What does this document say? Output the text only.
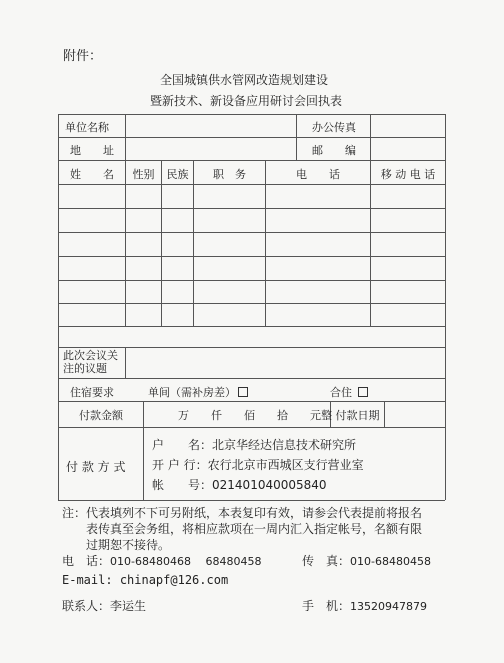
附件：
全国城镇供水管网改造规划建设
暨新技术、新设备应用研讨会回执表
单位名称	办公传真
地　　址	邮　　编
姓　　名	性别	民族	职　务	电　　话	移 动 电 话
此次会议关注的议题
住宿要求	单间（需补房差）	合住
付款金额	万　　仟　　佰　　拾　　元整 付款日期
付 款 方 式
户　　名：北京华经达信息技术研究所
开 户 行：农行北京市西城区支行营业室
帐　　号：021401040005840
注：代表填列不下可另附纸，本表复印有效，请参会代表提前将报名
表传真至会务组，将相应款项在一周内汇入指定帐号，名额有限
过期恕不接待。
电　话：010-68480468　 68480458	传　真：010-68480458
E-mail: chinapf@126.com
联系人：李运生	手　机：13520947879
